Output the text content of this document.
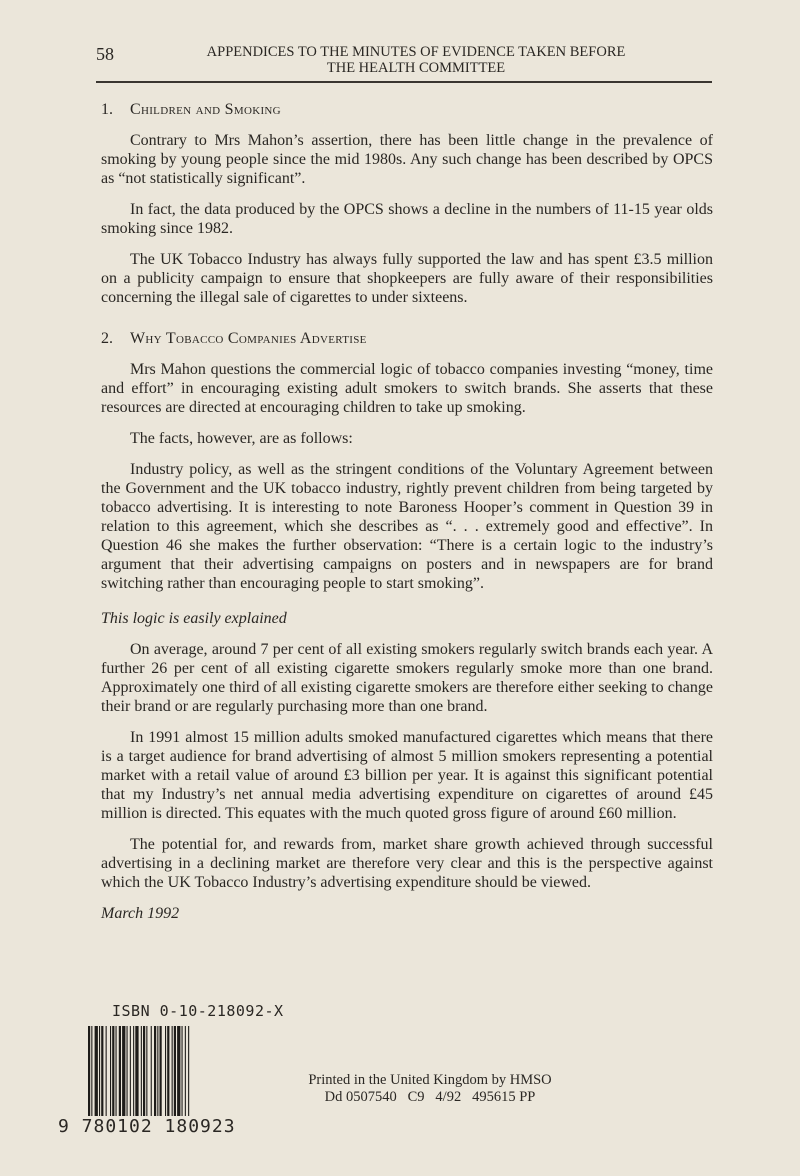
58	APPENDICES TO THE MINUTES OF EVIDENCE TAKEN BEFORE
THE HEALTH COMMITTEE
1. Children and Smoking

Contrary to Mrs Mahon’s assertion, there has been little change in the prevalence of smoking by young people since the mid 1980s. Any such change has been described by OPCS as “not statistically significant”.

In fact, the data produced by the OPCS shows a decline in the numbers of 11-15 year olds smoking since 1982.

The UK Tobacco Industry has always fully supported the law and has spent £3.5 million on a publicity campaign to ensure that shopkeepers are fully aware of their responsibilities concerning the illegal sale of cigarettes to under sixteens.

2. Why Tobacco Companies Advertise

Mrs Mahon questions the commercial logic of tobacco companies investing “money, time and effort” in encouraging existing adult smokers to switch brands. She asserts that these resources are directed at encouraging children to take up smoking.

The facts, however, are as follows:

Industry policy, as well as the stringent conditions of the Voluntary Agreement between the Government and the UK tobacco industry, rightly prevent children from being targeted by tobacco advertising. It is interesting to note Baroness Hooper’s comment in Question 39 in relation to this agreement, which she describes as “. . . extremely good and effective”. In Question 46 she makes the further observation: “There is a certain logic to the industry’s argument that their advertising campaigns on posters and in newspapers are for brand switching rather than encouraging people to start smoking”.

This logic is easily explained

On average, around 7 per cent of all existing smokers regularly switch brands each year. A further 26 per cent of all existing cigarette smokers regularly smoke more than one brand. Approximately one third of all existing cigarette smokers are therefore either seeking to change their brand or are regularly purchasing more than one brand.

In 1991 almost 15 million adults smoked manufactured cigarettes which means that there is a target audience for brand advertising of almost 5 million smokers representing a potential market with a retail value of around £3 billion per year. It is against this significant potential that my Industry’s net annual media advertising expenditure on cigarettes of around £45 million is directed. This equates with the much quoted gross figure of around £60 million.

The potential for, and rewards from, market share growth achieved through successful advertising in a declining market are therefore very clear and this is the perspective against which the UK Tobacco Industry’s advertising expenditure should be viewed.

March 1992

ISBN 0-10-218092-X
9 780102 180923
Printed in the United Kingdom by HMSO
Dd 0507540   C9   4/92   495615 PP
